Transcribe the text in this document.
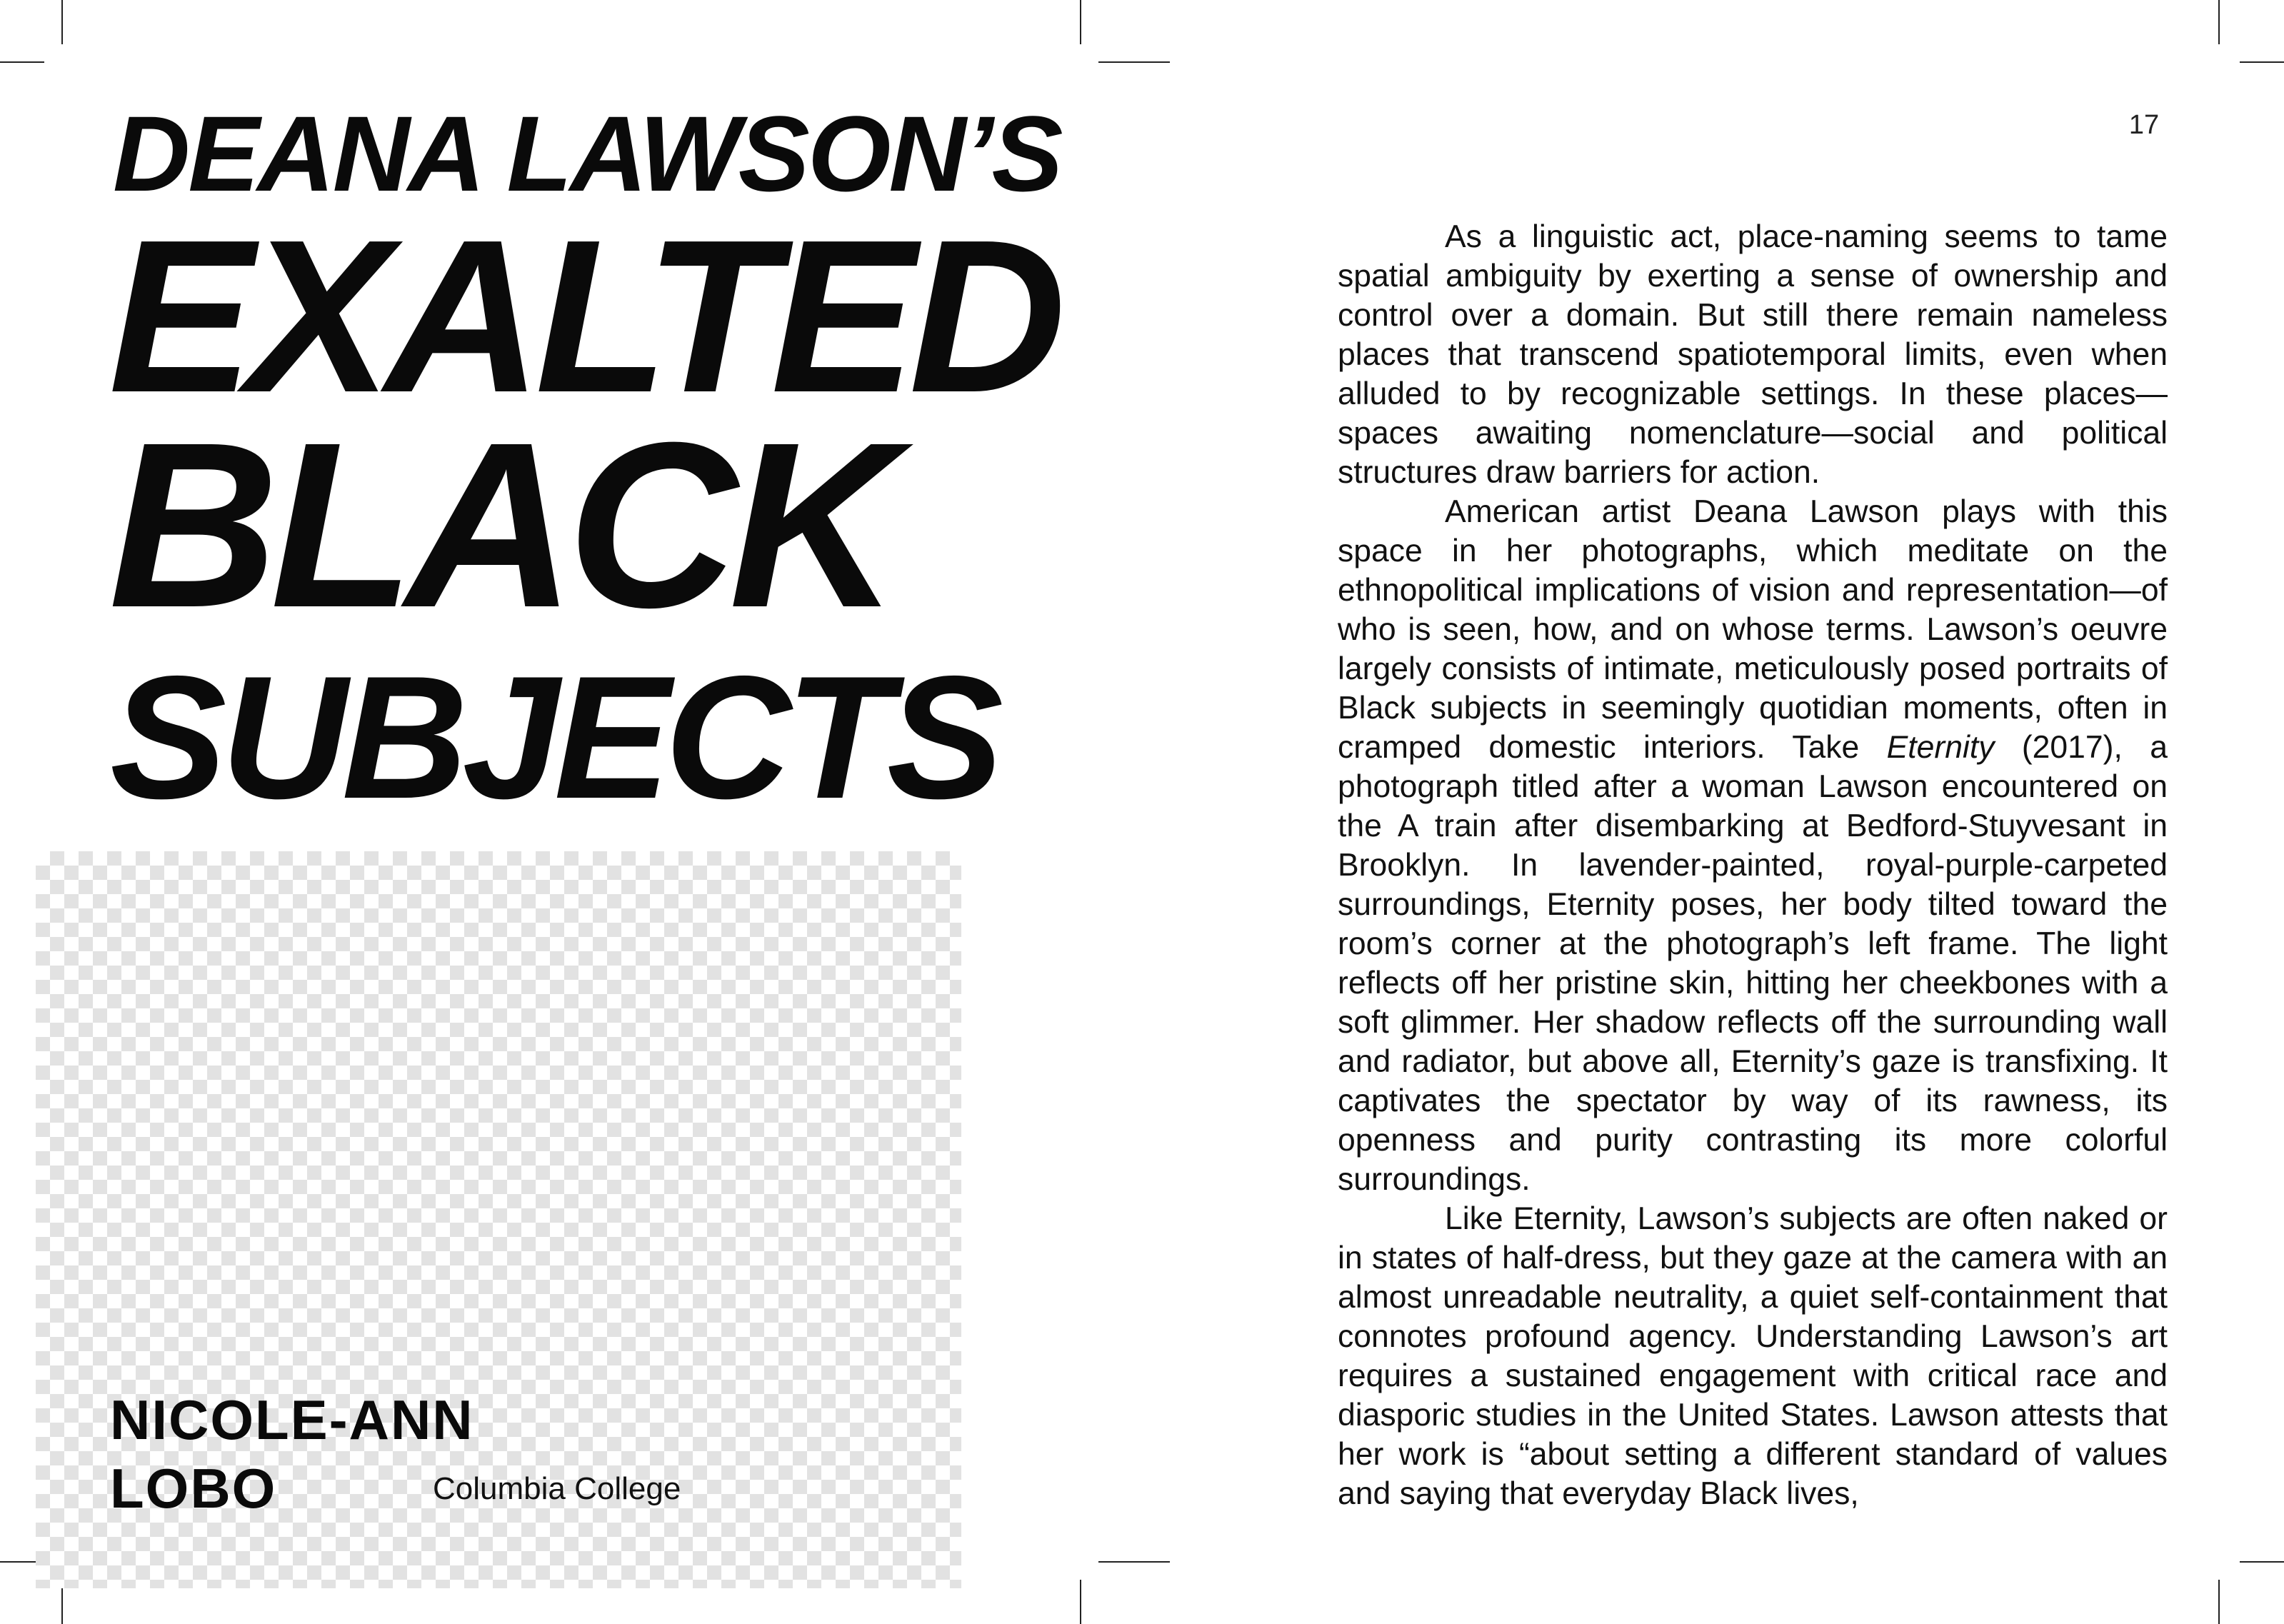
DEANA LAWSON’S
EXALTED
BLACK
SUBJECTS
NICOLE-ANN
LOBO	Columbia College
17

As a linguistic act, place-naming seems to tame spatial ambiguity by exerting a sense of ownership and control over a domain. But still there remain nameless places that transcend spatiotemporal limits, even when alluded to by recognizable settings. In these places—spaces awaiting nomenclature—social and political structures draw barriers for action.

American artist Deana Lawson plays with this space in her photographs, which meditate on the ethnopolitical implications of vision and representation—of who is seen, how, and on whose terms. Lawson’s oeuvre largely consists of intimate, meticulously posed portraits of Black subjects in seemingly quotidian moments, often in cramped domestic interiors. Take Eternity (2017), a photograph titled after a woman Lawson encountered on the A train after disembarking at Bedford-Stuyvesant in Brooklyn. In lavender-painted, royal-purple-carpeted surroundings, Eternity poses, her body tilted toward the room’s corner at the photograph’s left frame. The light reflects off her pristine skin, hitting her cheekbones with a soft glimmer. Her shadow reflects off the surrounding wall and radiator, but above all, Eternity’s gaze is transfixing. It captivates the spectator by way of its rawness, its openness and purity contrasting its more colorful surroundings.

Like Eternity, Lawson’s subjects are often naked or in states of half-dress, but they gaze at the camera with an almost unreadable neutrality, a quiet self-containment that connotes profound agency. Understanding Lawson’s art requires a sustained engagement with critical race and diasporic studies in the United States. Lawson attests that her work is “about setting a different standard of values and saying that everyday Black lives,
